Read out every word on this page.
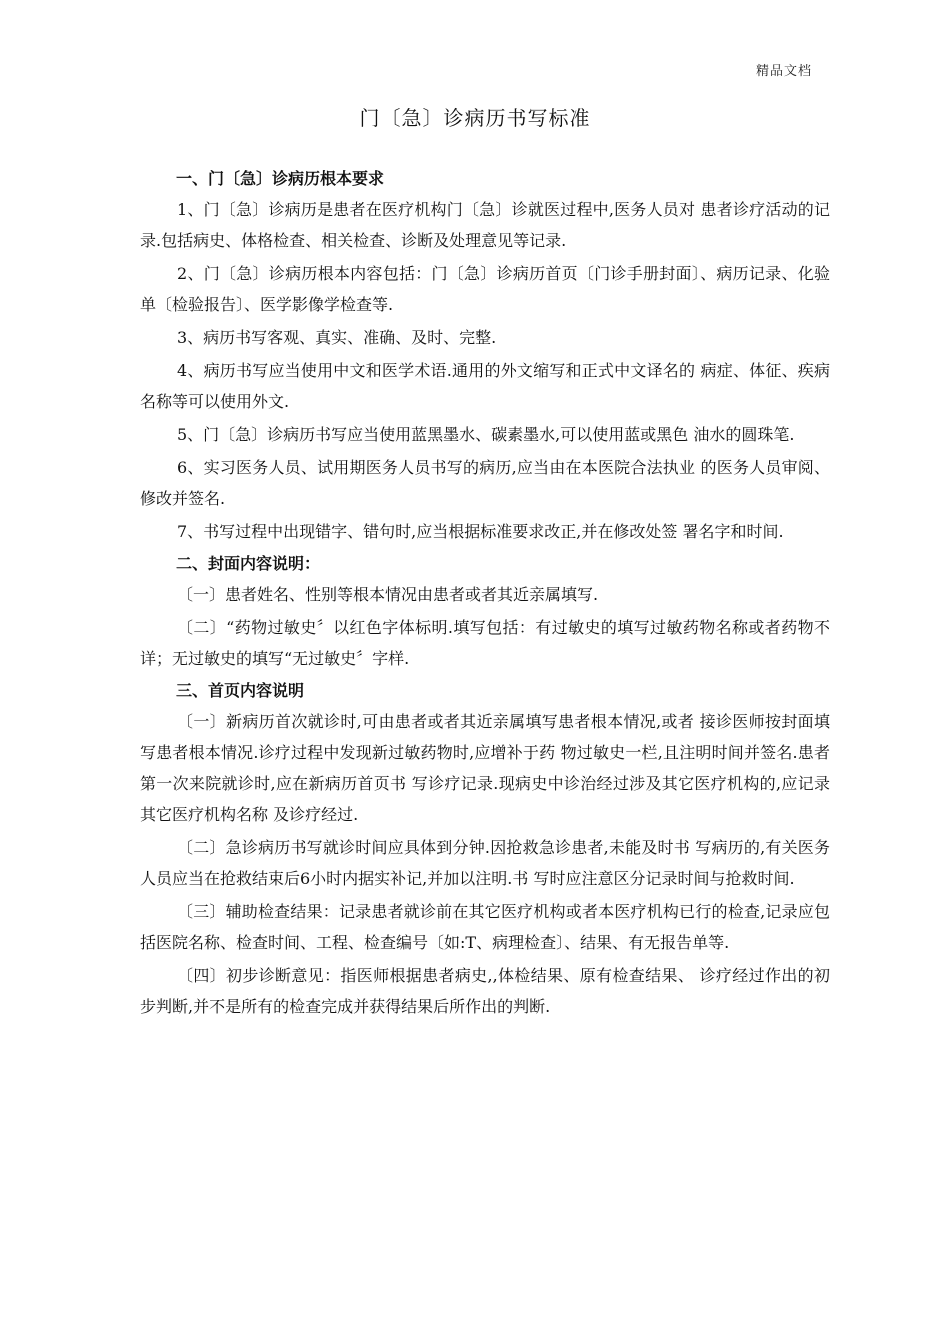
精品文档
门〔急〕诊病历书写标准

一、门〔急〕诊病历根本要求

1、门〔急〕诊病历是患者在医疗机构门〔急〕诊就医过程中,医务人员对 患者诊疗活动的记录.包括病史、体格检查、相关检查、诊断及处理意见等记录.

2、门〔急〕诊病历根本内容包括：门〔急〕诊病历首页〔门诊手册封面〕、病历记录、化验单〔检验报告〕、医学影像学检查等.

3、病历书写客观、真实、准确、及时、完整.

4、病历书写应当使用中文和医学术语.通用的外文缩写和正式中文译名的 病症、体征、疾病名称等可以使用外文.

5、门〔急〕诊病历书写应当使用蓝黑墨水、碳素墨水,可以使用蓝或黑色 油水的圆珠笔.

6、实习医务人员、试用期医务人员书写的病历,应当由在本医院合法执业 的医务人员审阅、修改并签名.

7、书写过程中出现错字、错句时,应当根据标准要求改正,并在修改处签 署名字和时间.

二、封面内容说明：

〔一〕患者姓名、性别等根本情况由患者或者其近亲属填写.

〔二〕“药物过敏史〞以红色字体标明.填写包括：有过敏史的填写过敏药物名称或者药物不详；无过敏史的填写“无过敏史〞字样.

三、首页内容说明

〔一〕新病历首次就诊时,可由患者或者其近亲属填写患者根本情况,或者 接诊医师按封面填写患者根本情况.诊疗过程中发现新过敏药物时,应增补于药 物过敏史一栏,且注明时间并签名.患者第一次来院就诊时,应在新病历首页书 写诊疗记录.现病史中诊治经过涉及其它医疗机构的,应记录其它医疗机构名称 及诊疗经过.

〔二〕急诊病历书写就诊时间应具体到分钟.因抢救急诊患者,未能及时书 写病历的,有关医务人员应当在抢救结束后6小时内据实补记,并加以注明.书 写时应注意区分记录时间与抢救时间.

〔三〕辅助检查结果：记录患者就诊前在其它医疗机构或者本医疗机构已行的检查,记录应包括医院名称、检查时间、工程、检查编号〔如:T、病理检查〕、结果、有无报告单等.

〔四〕初步诊断意见：指医师根据患者病史,,体检结果、原有检查结果、 诊疗经过作出的初步判断,并不是所有的检查完成并获得结果后所作出的判断.
